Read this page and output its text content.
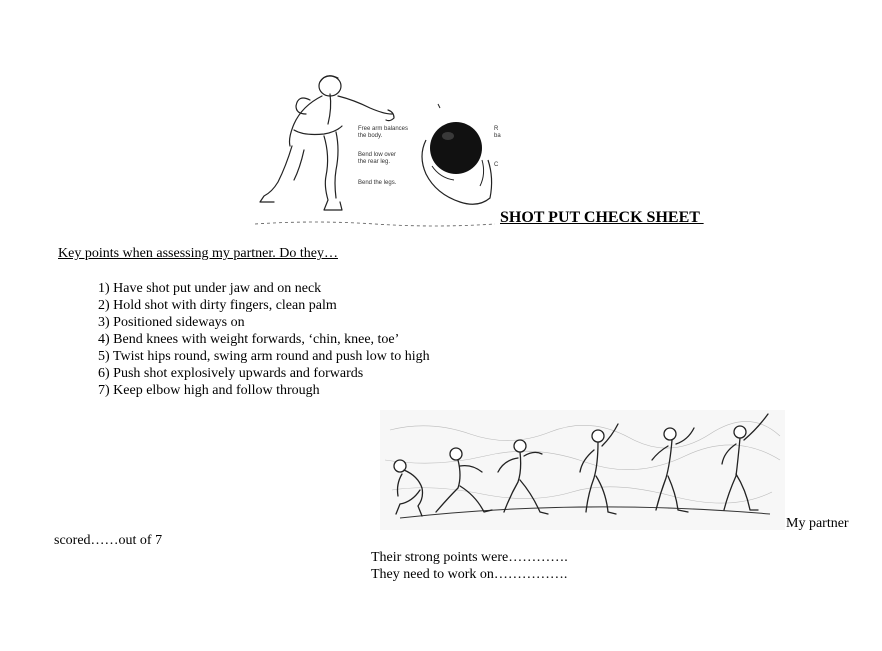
Free arm balances
the body.
Bend low over
the rear leg.
Bend the legs.
R
ba
C
SHOT PUT CHECK SHEET
Key points when assessing my partner. Do they…
1) Have shot put under jaw and on neck
2) Hold shot with dirty fingers, clean palm
3) Positioned sideways on
4) Bend knees with weight forwards, ‘chin, knee, toe’
5) Twist hips round, swing arm round and push low to high
6) Push shot explosively upwards and forwards
7) Keep elbow high and follow through
My partner
scored……out of 7
Their strong points were………….
They need to work on…………….
